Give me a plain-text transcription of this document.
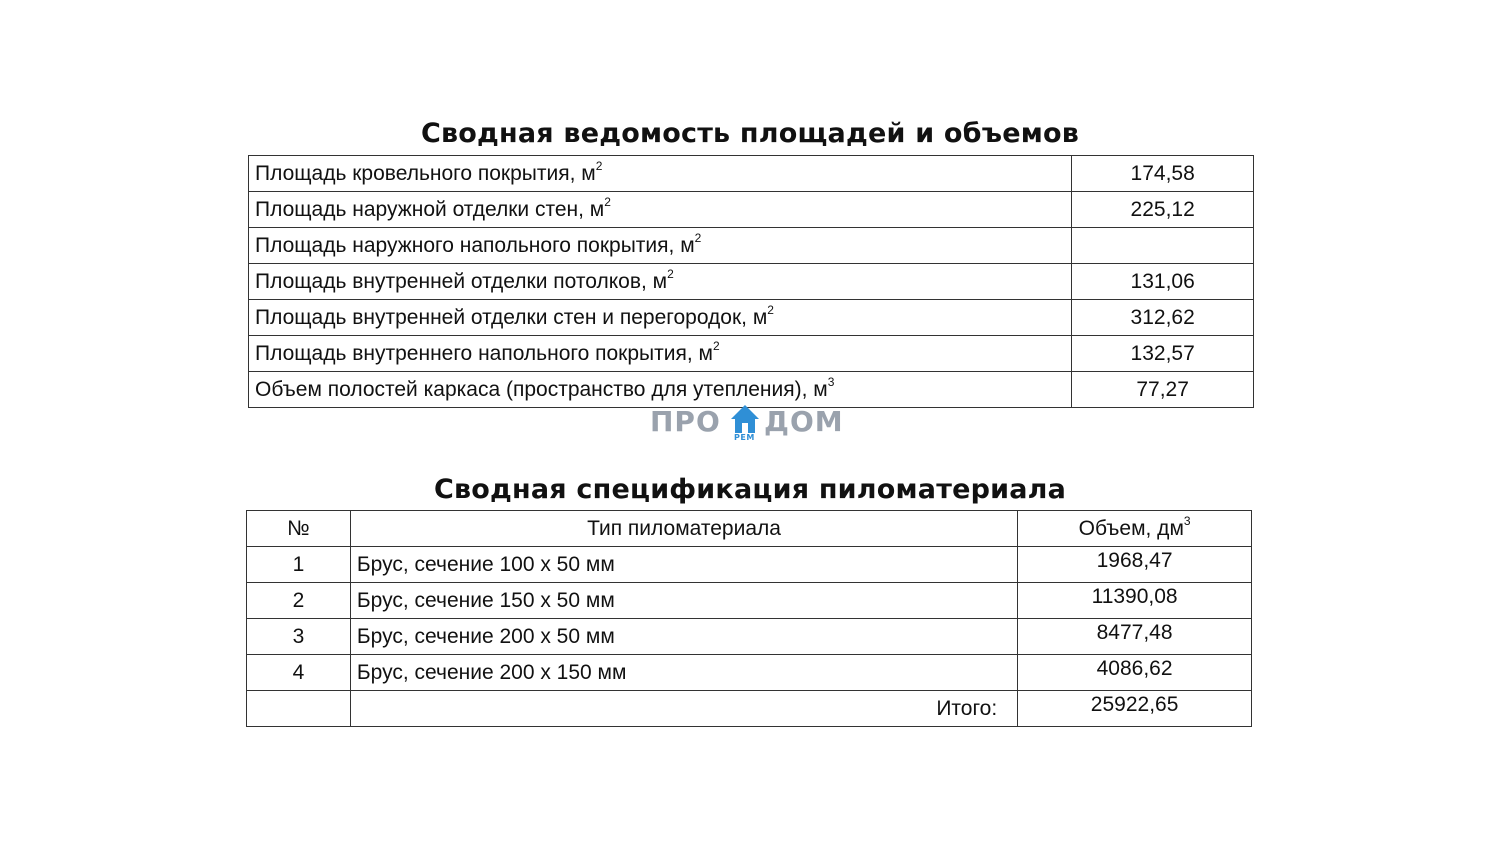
Сводная ведомость площадей и объемов
Площадь кровельного покрытия, $м^2$	174,58
Площадь наружной отделки стен, $м^2$	225,12
Площадь наружного напольного покрытия, $м^2$	
Площадь внутренней отделки потолков, $м^2$	131,06
Площадь внутренней отделки стен и перегородок, $м^2$	312,62
Площадь внутреннего напольного покрытия, $м^2$	132,57
Объем полостей каркаса (пространство для утепления), $м^3$	77,27
ПРО РЕМ ДОМ
Сводная спецификация пиломатериала
№	Тип пиломатериала	Объем, $дм^3$
1	Брус, сечение 100 х 50 мм	1968,47
2	Брус, сечение 150 х 50 мм	11390,08
3	Брус, сечение 200 х 50 мм	8477,48
4	Брус, сечение 200 х 150 мм	4086,62
	Итого:	25922,65
